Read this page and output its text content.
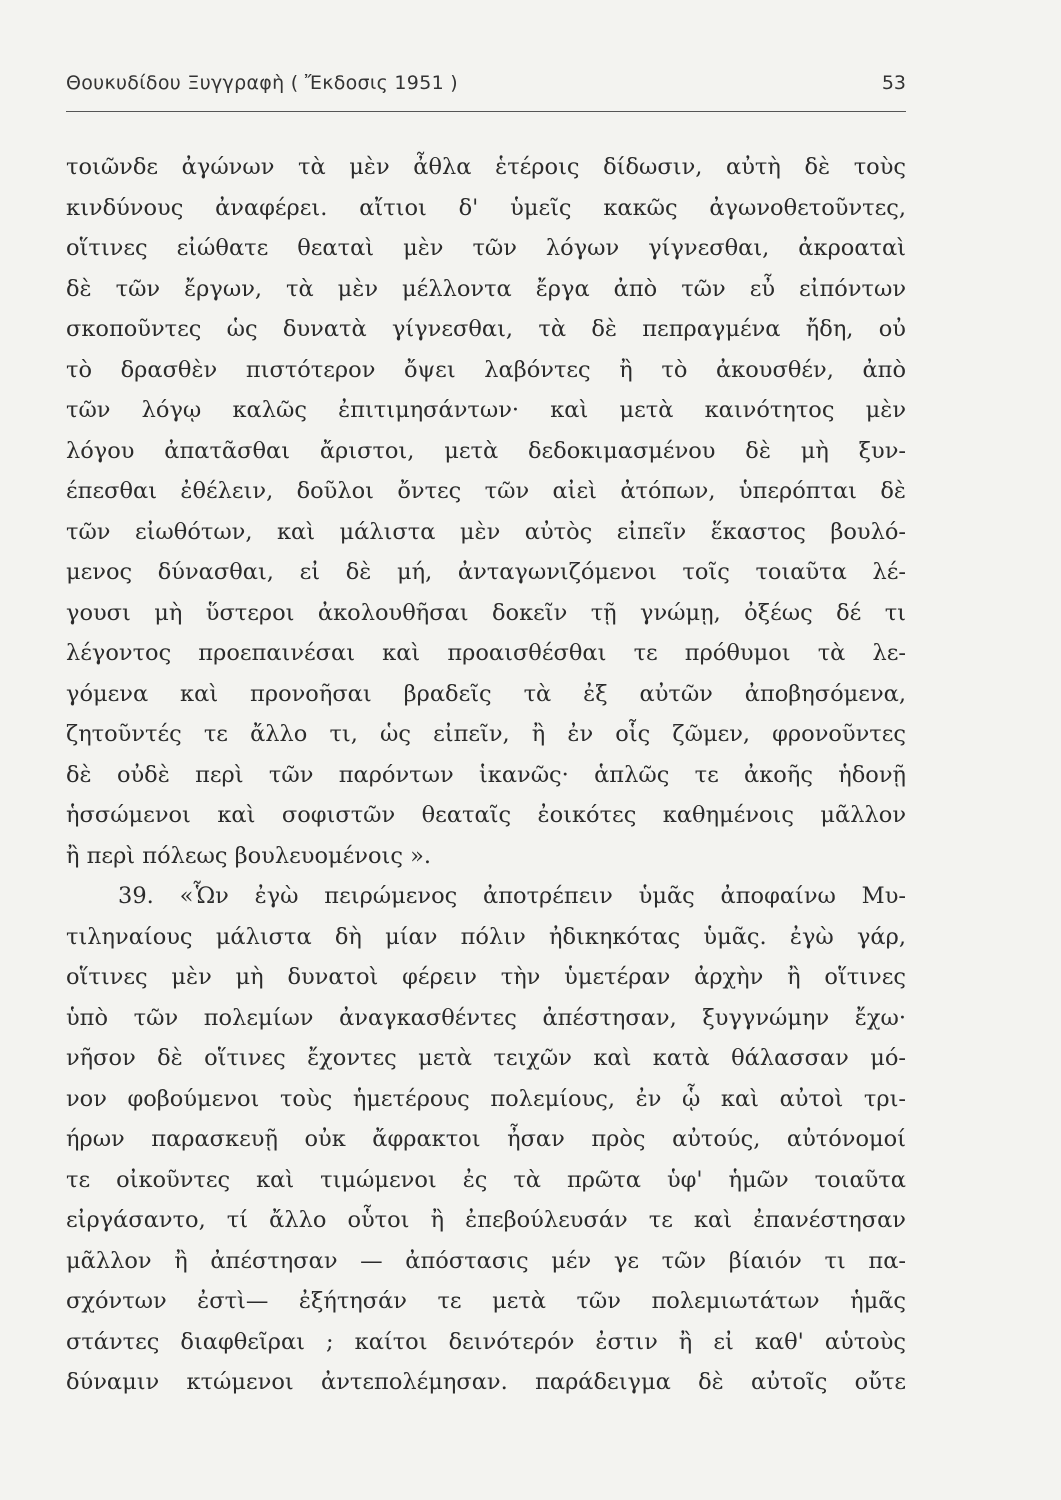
Θουκυδίδου Ξυγγραφὴ ( Ἔκδοσις 1951 )	53
τοιῶνδε ἀγώνων τὰ μὲν ἆθλα ἑτέροις δίδωσιν, αὐτὴ δὲ τοὺς
κινδύνους ἀναφέρει. αἴτιοι δ' ὑμεῖς κακῶς ἀγωνοθετοῦντες,
οἵτινες εἰώθατε θεαταὶ μὲν τῶν λόγων γίγνεσθαι, ἀκροαταὶ
δὲ τῶν ἔργων, τὰ μὲν μέλλοντα ἔργα ἀπὸ τῶν εὖ εἰπόντων
σκοποῦντες ὡς δυνατὰ γίγνεσθαι, τὰ δὲ πεπραγμένα ἤδη, οὐ
τὸ δρασθὲν πιστότερον ὄψει λαβόντες ἢ τὸ ἀκουσθέν, ἀπὸ
τῶν λόγῳ καλῶς ἐπιτιμησάντων· καὶ μετὰ καινότητος μὲν
λόγου ἀπατᾶσθαι ἄριστοι, μετὰ δεδοκιμασμένου δὲ μὴ ξυν-
έπεσθαι ἐθέλειν, δοῦλοι ὄντες τῶν αἰεὶ ἀτόπων, ὑπερόπται δὲ
τῶν εἰωθότων, καὶ μάλιστα μὲν αὐτὸς εἰπεῖν ἕκαστος βουλό-
μενος δύνασθαι, εἰ δὲ μή, ἀνταγωνιζόμενοι τοῖς τοιαῦτα λέ-
γουσι μὴ ὕστεροι ἀκολουθῆσαι δοκεῖν τῇ γνώμῃ, ὀξέως δέ τι
λέγοντος προεπαινέσαι καὶ προαισθέσθαι τε πρόθυμοι τὰ λε-
γόμενα καὶ προνοῆσαι βραδεῖς τὰ ἐξ αὐτῶν ἀποβησόμενα,
ζητοῦντές τε ἄλλο τι, ὡς εἰπεῖν, ἢ ἐν οἷς ζῶμεν, φρονοῦντες
δὲ οὐδὲ περὶ τῶν παρόντων ἱκανῶς· ἁπλῶς τε ἀκοῆς ἡδονῇ
ἡσσώμενοι καὶ σοφιστῶν θεαταῖς ἐοικότες καθημένοις μᾶλλον
ἢ περὶ πόλεως βουλευομένοις ».
39. «Ὧν ἐγὼ πειρώμενος ἀποτρέπειν ὑμᾶς ἀποφαίνω Μυ-
τιληναίους μάλιστα δὴ μίαν πόλιν ἠδικηκότας ὑμᾶς. ἐγὼ γάρ,
οἵτινες μὲν μὴ δυνατοὶ φέρειν τὴν ὑμετέραν ἀρχὴν ἢ οἵτινες
ὑπὸ τῶν πολεμίων ἀναγκασθέντες ἀπέστησαν, ξυγγνώμην ἔχω·
νῆσον δὲ οἵτινες ἔχοντες μετὰ τειχῶν καὶ κατὰ θάλασσαν μό-
νον φοβούμενοι τοὺς ἡμετέρους πολεμίους, ἐν ᾧ καὶ αὐτοὶ τρι-
ήρων παρασκευῇ οὐκ ἄφρακτοι ἦσαν πρὸς αὐτούς, αὐτόνομοί
τε οἰκοῦντες καὶ τιμώμενοι ἐς τὰ πρῶτα ὑφ' ἡμῶν τοιαῦτα
εἰργάσαντο, τί ἄλλο οὗτοι ἢ ἐπεβούλευσάν τε καὶ ἐπανέστησαν
μᾶλλον ἢ ἀπέστησαν — ἀπόστασις μέν γε τῶν βίαιόν τι πα-
σχόντων ἐστὶ— ἐξήτησάν τε μετὰ τῶν πολεμιωτάτων ἡμᾶς
στάντες διαφθεῖραι ; καίτοι δεινότερόν ἐστιν ἢ εἰ καθ' αὑτοὺς
δύναμιν κτώμενοι ἀντεπολέμησαν. παράδειγμα δὲ αὐτοῖς οὔτε
